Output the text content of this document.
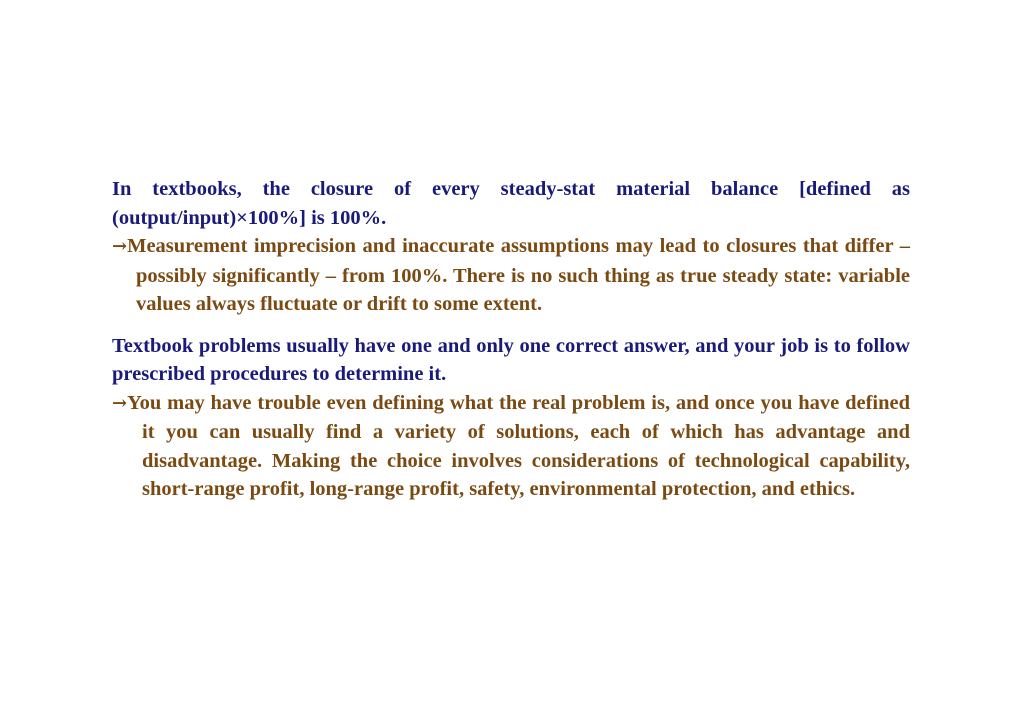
In textbooks, the closure of every steady-stat material balance [defined as (output/input)×100%] is 100%.

→Measurement imprecision and inaccurate assumptions may lead to closures that differ – possibly significantly – from 100%. There is no such thing as true steady state: variable values always fluctuate or drift to some extent.

Textbook problems usually have one and only one correct answer, and your job is to follow prescribed procedures to determine it.

→You may have trouble even defining what the real problem is, and once you have defined it you can usually find a variety of solutions, each of which has advantage and disadvantage. Making the choice involves considerations of technological capability, short-range profit, long-range profit, safety, environmental protection, and ethics.
